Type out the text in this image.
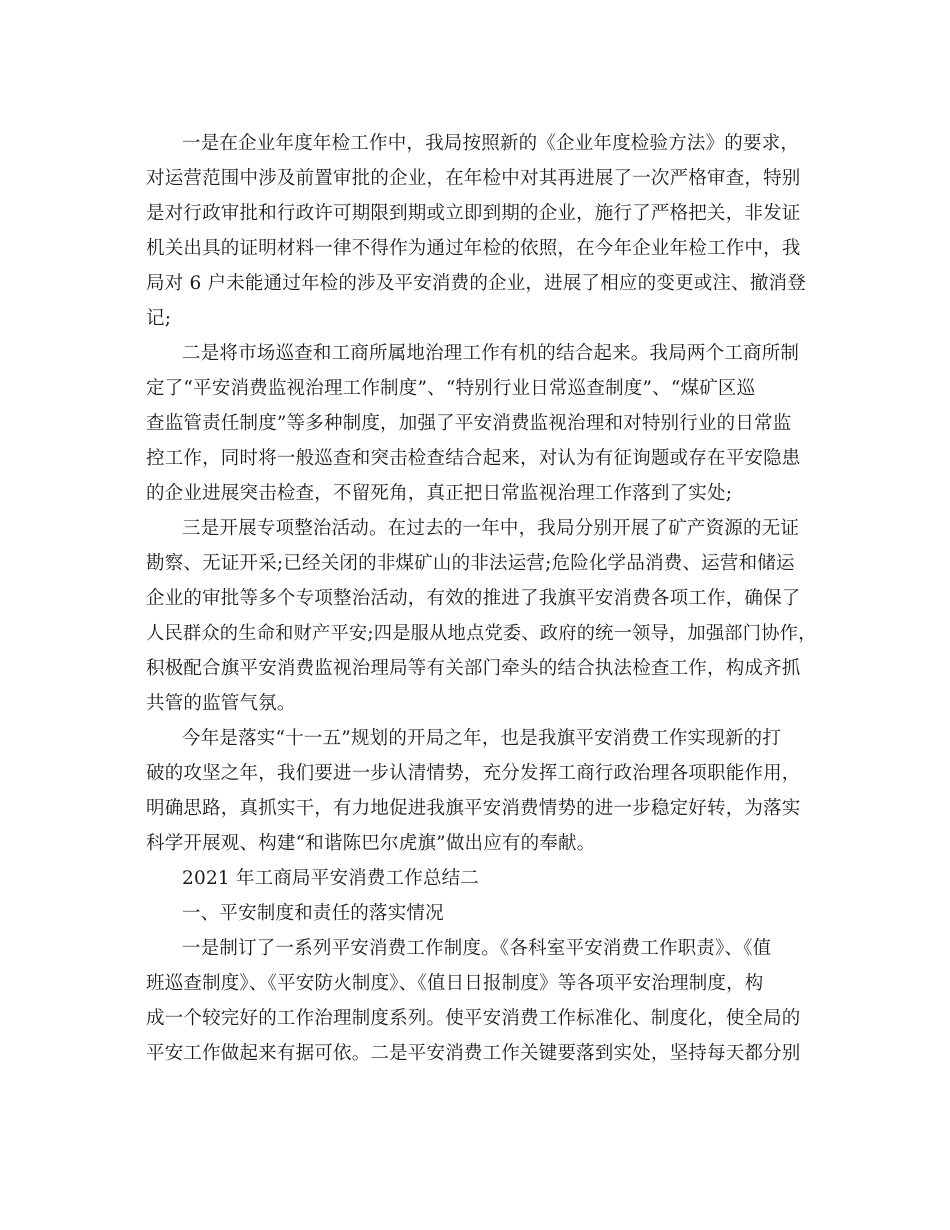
一是在企业年度年检工作中，我局按照新的《企业年度检验方法》的要求，
对运营范围中涉及前置审批的企业，在年检中对其再进展了一次严格审查，特别
是对行政审批和行政许可期限到期或立即到期的企业，施行了严格把关，非发证
机关出具的证明材料一律不得作为通过年检的依照，在今年企业年检工作中，我
局对 6 户未能通过年检的涉及平安消费的企业，进展了相应的变更或注、撤消登
记;
二是将市场巡查和工商所属地治理工作有机的结合起来。我局两个工商所制
定了“平安消费监视治理工作制度”、“特别行业日常巡查制度”、“煤矿区巡
查监管责任制度”等多种制度，加强了平安消费监视治理和对特别行业的日常监
控工作，同时将一般巡查和突击检查结合起来，对认为有征询题或存在平安隐患
的企业进展突击检查，不留死角，真正把日常监视治理工作落到了实处;
三是开展专项整治活动。在过去的一年中，我局分别开展了矿产资源的无证
勘察、无证开采;已经关闭的非煤矿山的非法运营;危险化学品消费、运营和储运
企业的审批等多个专项整治活动，有效的推进了我旗平安消费各项工作，确保了
人民群众的生命和财产平安;四是服从地点党委、政府的统一领导，加强部门协作，
积极配合旗平安消费监视治理局等有关部门牵头的结合执法检查工作，构成齐抓
共管的监管气氛。
今年是落实“十一五”规划的开局之年，也是我旗平安消费工作实现新的打
破的攻坚之年，我们要进一步认清情势，充分发挥工商行政治理各项职能作用，
明确思路，真抓实干，有力地促进我旗平安消费情势的进一步稳定好转，为落实
科学开展观、构建“和谐陈巴尔虎旗”做出应有的奉献。
2021 年工商局平安消费工作总结二
一、平安制度和责任的落实情况
一是制订了一系列平安消费工作制度。《各科室平安消费工作职责》、《值
班巡查制度》、《平安防火制度》、《值日日报制度》等各项平安治理制度，构
成一个较完好的工作治理制度系列。使平安消费工作标准化、制度化，使全局的
平安工作做起来有据可依。二是平安消费工作关键要落到实处，坚持每天都分别
